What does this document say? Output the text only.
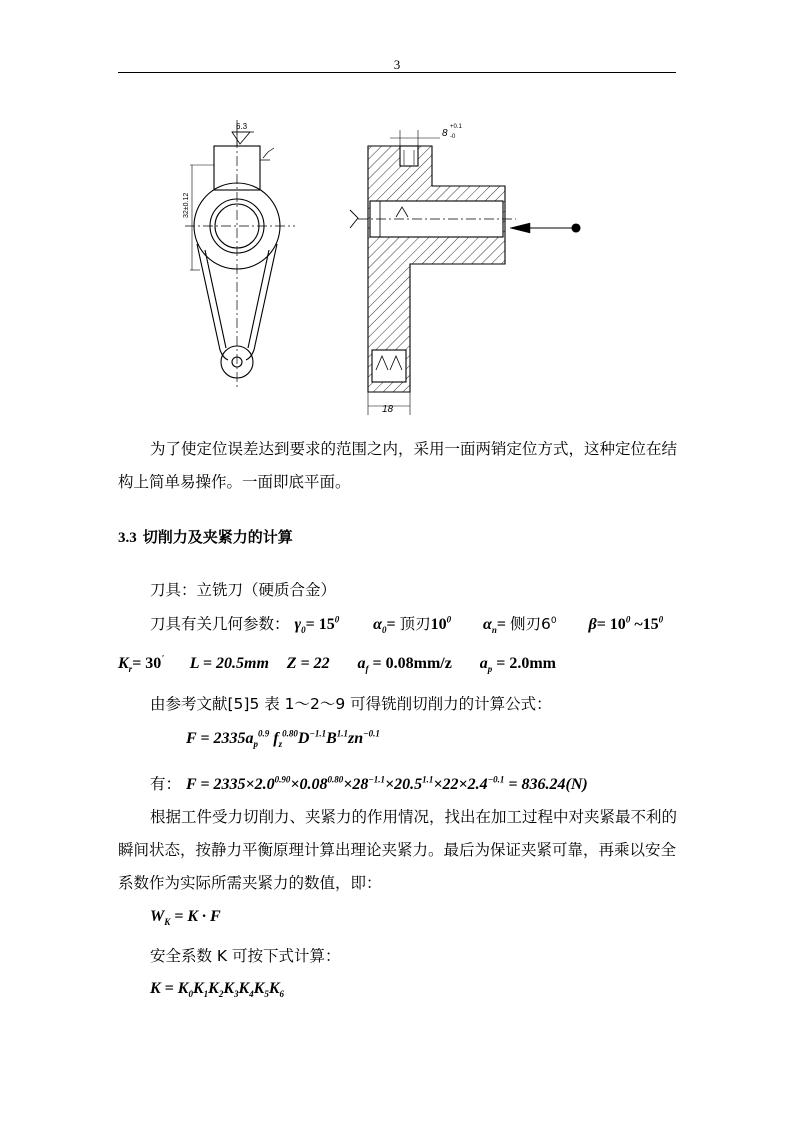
3
6.3
32±0.12
8
+0.1
-0
18
为了使定位误差达到要求的范围之内，采用一面两销定位方式，这种定位在结构上简单易操作。一面即底平面。
3.3 切削力及夹紧力的计算
刀具：立铣刀（硬质合金）
刀具有关几何参数： $\gamma_0= 15^0$ $\alpha_0=$ 顶刃$10^0$ $\alpha_n=$ 侧刃$6^0$ $\beta= 10^0$ $\sim 15^0$
$K_r= 30'$ L = 20.5mm Z = 22 $a_f = 0.08mm/z$ $a_p = 2.0mm$
由参考文献[5]5 表 1～2～9 可得铣削切削力的计算公式：
$F = 2335a_p^{0.9}$ $f_z^{0.80}D^{-1.1}B^{1.1}zn^{-0.1}$
有： $F = 2335\times 2.0^{0.90}\times 0.08^{0.80}\times 28^{-1.1}\times 20.5^{1.1}\times 22\times 2.4^{-0.1} = 836.24(N)$
根据工件受力切削力、夹紧力的作用情况，找出在加工过程中对夹紧最不利的瞬间状态，按静力平衡原理计算出理论夹紧力。最后为保证夹紧可靠，再乘以安全系数作为实际所需夹紧力的数值，即：
$W_K = K \cdot F$
安全系数 K 可按下式计算：
$K = K_0K_1K_2K_3K_4K_5K_6$
